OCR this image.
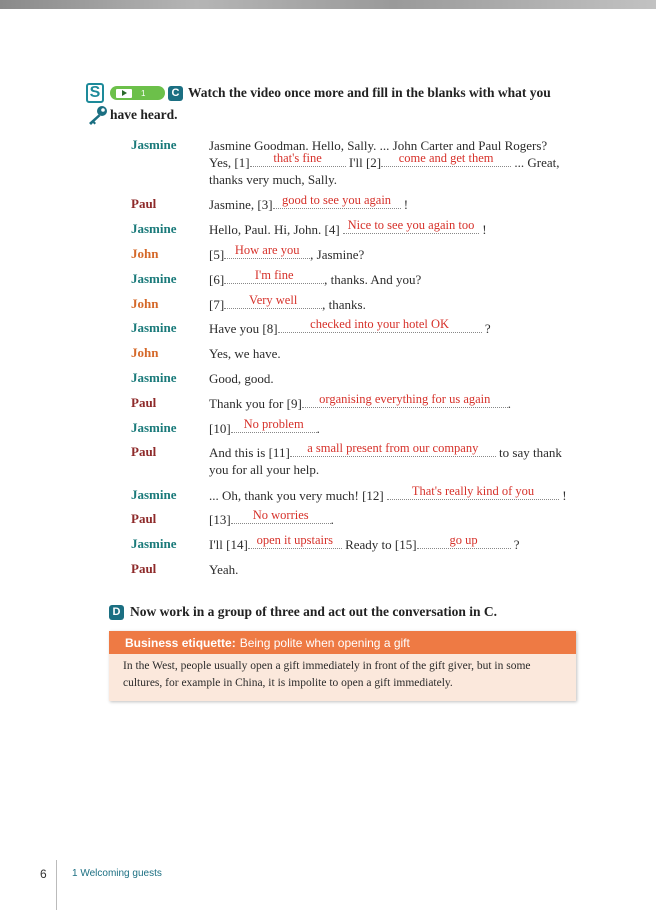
S	1	C Watch the video once more and fill in the blanks with what you
have heard.
Jasmine	Jasmine Goodman. Hello, Sally. ... John Carter and Paul Rogers?
Yes, [1] that's fine I'll [2] come and get them ... Great,
thanks very much, Sally.
Paul	Jasmine, [3] good to see you again !
Jasmine	Hello, Paul. Hi, John. [4] Nice to see you again too !
John	[5] How are you , Jasmine?
Jasmine	[6] I'm fine , thanks. And you?
John	[7] Very well , thanks.
Jasmine	Have you [8]	checked into your hotel OK	?
John	Yes, we have.
Jasmine	Good, good.
Paul	Thank you for [9] organising everything for us again .
Jasmine	[10] No problem .
Paul	And this is [11] a small present from our company to say thank
you for all your help.
Jasmine	... Oh, thank you very much! [12] That's really kind of you !
Paul	[13] No worries .
Jasmine	I'll [14] open it upstairs Ready to [15]	go up	?
Paul	Yeah.
D Now work in a group of three and act out the conversation in C.
Business etiquette: Being polite when opening a gift
In the West, people usually open a gift immediately in front of the gift giver, but in some cultures, for example in China, it is impolite to open a gift immediately.
6	1 Welcoming guests
